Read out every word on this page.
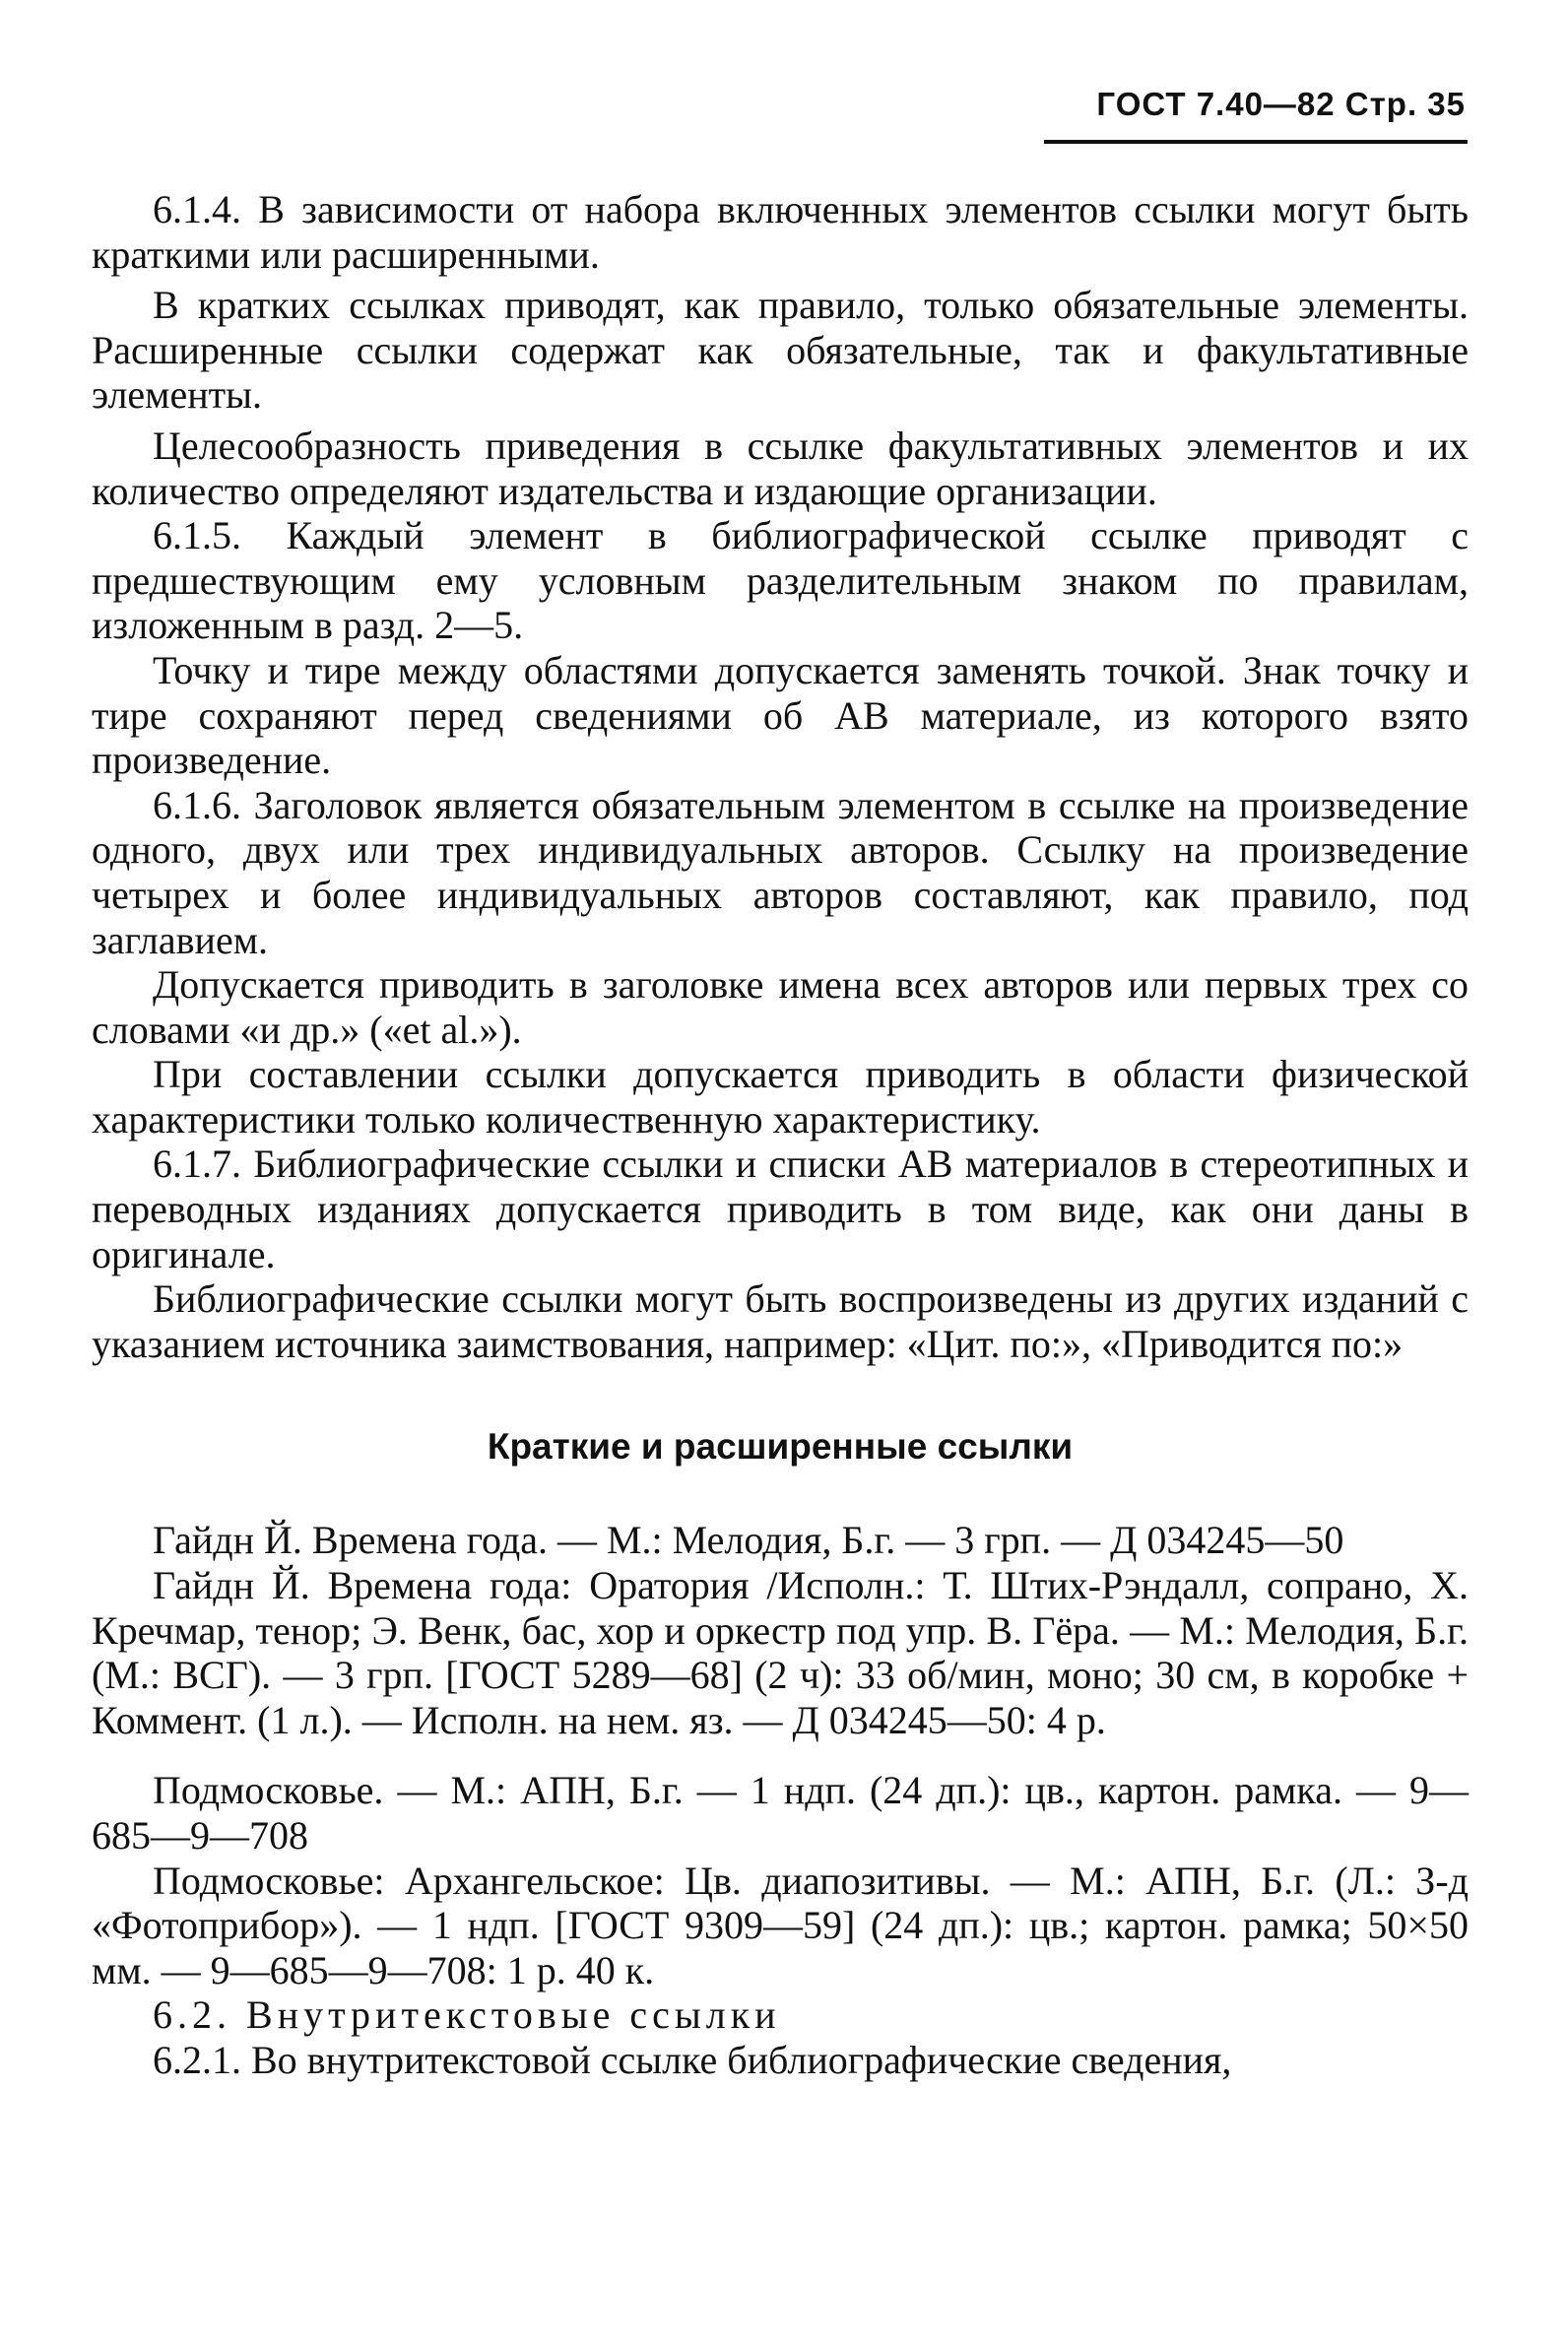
ГОСТ 7.40—82 Стр. 35

6.1.4. В зависимости от набора включенных элементов ссылки могут быть краткими или расширенными.

В кратких ссылках приводят, как правило, только обязательные элементы. Расширенные ссылки содержат как обязательные, так и факультативные элементы.

Целесообразность приведения в ссылке факультативных элементов и их количество определяют издательства и издающие организации.

6.1.5. Каждый элемент в библиографической ссылке приводят с предшествующим ему условным разделительным знаком по правилам, изложенным в разд. 2—5.

Точку и тире между областями допускается заменять точкой. Знак точку и тире сохраняют перед сведениями об АВ материале, из которого взято произведение.

6.1.6. Заголовок является обязательным элементом в ссылке на произведение одного, двух или трех индивидуальных авторов. Ссылку на произведение четырех и более индивидуальных авторов составляют, как правило, под заглавием.

Допускается приводить в заголовке имена всех авторов или первых трех со словами «и др.» («et al.»).

При составлении ссылки допускается приводить в области физической характеристики только количественную характеристику.

6.1.7. Библиографические ссылки и списки АВ материалов в стереотипных и переводных изданиях допускается приводить в том виде, как они даны в оригинале.

Библиографические ссылки могут быть воспроизведены из других изданий с указанием источника заимствования, например: «Цит. по:», «Приводится по:»

Краткие и расширенные ссылки

Гайдн Й. Времена года. — М.: Мелодия, Б.г. — 3 грп. — Д 034245—50

Гайдн Й. Времена года: Оратория /Исполн.: Т. Штих-Рэндалл, сопрано, Х. Кречмар, тенор; Э. Венк, бас, хор и оркестр под упр. В. Гёра. — М.: Мелодия, Б.г. (М.: ВСГ). — 3 грп. [ГОСТ 5289—68] (2 ч): 33 об/мин, моно; 30 см, в коробке + Коммент. (1 л.). — Исполн. на нем. яз. — Д 034245—50: 4 р.

Подмосковье. — М.: АПН, Б.г. — 1 ндп. (24 дп.): цв., картон. рамка. — 9—685—9—708

Подмосковье: Архангельское: Цв. диапозитивы. — М.: АПН, Б.г. (Л.: З-д «Фотоприбор»). — 1 ндп. [ГОСТ 9309—59] (24 дп.): цв.; картон. рамка; 50×50 мм. — 9—685—9—708: 1 р. 40 к.

6.2. Внутритекстовые ссылки

6.2.1. Во внутритекстовой ссылке библиографические сведения,
